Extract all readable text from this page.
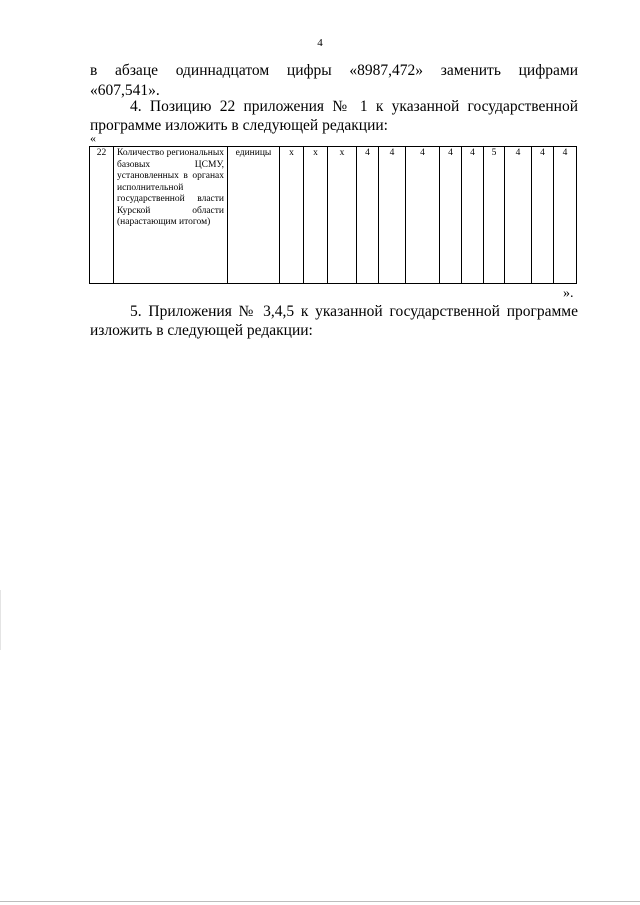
4
в абзаце одиннадцатом цифры «8987,472» заменить цифрами
«607,541».
4. Позицию 22 приложения № 1 к указанной государственной
программе изложить в следующей редакции:
«
22	Количество региональных базовых ЦСМУ, установленных в органах исполнительной государственной власти Курской области (нарастающим итогом)	единицы	х	х	х	4	4	4	4	4	5	4	4	4
».
5. Приложения № 3,4,5 к указанной государственной программе
изложить в следующей редакции:
